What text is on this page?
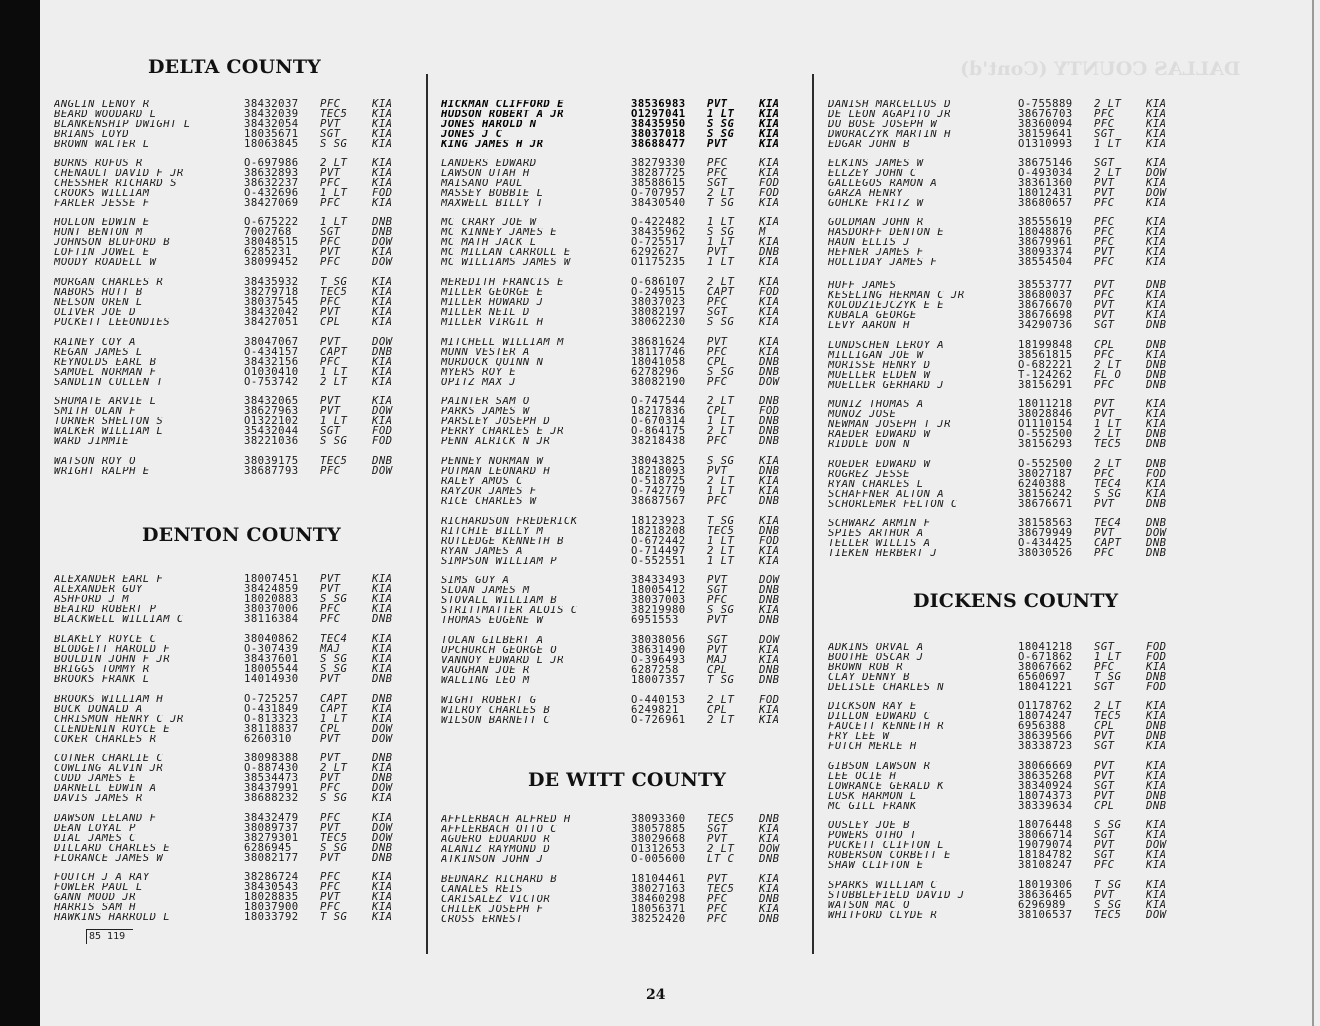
DALLAS COUNTY (Cont'd)
85 119
24
DELTA COUNTY
ANGLIN LENOY R	38432037	PFC	KIA
BEARD WOODARD L	38432039	TEC5	KIA
BLANKENSHIP DWIGHT L	38432054	PVT	KIA
BRIANS LOYD	18035671	SGT	KIA
BROWN WALTER L	18063845	S SG	KIA
BURNS RUFUS R	O-697986	2 LT	KIA
CHENAULT DAVID F JR	38632893	PVT	KIA
CHESSHER RICHARD S	38632237	PFC	KIA
CROOKS WILLIAM	O-432696	1 LT	FOD
FARLER JESSE F	38427069	PFC	KIA
HOLLON EDWIN E	O-675222	1 LT	DNB
HUNT BENTON M	7002768	SGT	DNB
JOHNSON BLUFORD B	38048515	PFC	DOW
LOFTIN JOWEL E	6285231	PVT	KIA
MOODY ROADELL W	38099452	PFC	DOW
MORGAN CHARLES R	38435932	T SG	KIA
NABORS HUTT B	38279718	TEC5	KIA
NELSON OREN L	38037545	PFC	KIA
OLIVER JOE D	38432042	PVT	KIA
PUCKETT LEEONDIES	38427051	CPL	KIA
RAINEY COY A	38047067	PVT	DOW
REGAN JAMES L	O-434157	CAPT	DNB
REYNOLDS EARL B	38432156	PFC	KIA
SAMUEL NORMAN F	O1030410	1 LT	KIA
SANDLIN CULLEN T	O-753742	2 LT	KIA
SHUMATE ARVIE L	38432065	PVT	KIA
SMITH OLAN F	38627963	PVT	DOW
TURNER SHELTON S	O1322102	1 LT	KIA
WALKER WILLIAM L	35432044	SGT	FOD
WARD JIMMIE	38221036	S SG	FOD
WATSON ROY O	38039175	TEC5	DNB
WRIGHT RALPH E	38687793	PFC	DOW
DENTON COUNTY
ALEXANDER EARL F	18007451	PVT	KIA
ALEXANDER GUY	38424859	PVT	KIA
ASHFORD J M	18020883	S SG	KIA
BEAIRD ROBERT P	38037006	PFC	KIA
BLACKWELL WILLIAM C	38116384	PFC	DNB
BLAKELY ROYCE C	38040862	TEC4	KIA
BLODGETT HAROLD F	O-307439	MAJ	KIA
BOULDIN JOHN F JR	38437601	S SG	KIA
BRIGGS TOMMY R	18005544	S SG	KIA
BROOKS FRANK L	14014930	PVT	DNB
BROOKS WILLIAM H	O-725257	CAPT	DNB
BUCK DONALD A	O-431849	CAPT	KIA
CHRISMON HENRY C JR	O-813323	1 LT	KIA
CLENDENIN ROYCE E	38118837	CPL	DOW
COKER CHARLES R	6260310	PVT	DOW
COTNER CHARLIE C	38098388	PVT	DNB
COWLING ALVIN JR	O-887430	2 LT	KIA
CUDD JAMES E	38534473	PVT	DNB
DARNELL EDWIN A	38437991	PFC	DOW
DAVIS JAMES R	38688232	S SG	KIA
DAWSON LELAND F	38432479	PFC	KIA
DEAN LOYAL P	38089737	PVT	DOW
DIAL JAMES C	38279301	TEC5	DOW
DILLARD CHARLES E	6286945	S SG	DNB
FLORANCE JAMES W	38082177	PVT	DNB
FOUTCH J A RAY	38286724	PFC	KIA
FOWLER PAUL L	38430543	PFC	KIA
GANN MOOD JR	18028835	PVT	KIA
HARRIS SAM H	18037900	PFC	KIA
HAWKINS HARROLD L	18033792	T SG	KIA
HICKMAN CLIFFORD E	38536983	PVT	KIA
HUDSON ROBERT A JR	O1297041	1 LT	KIA
JONES HAROLD N	38435950	S SG	KIA
JONES J C	38037018	S SG	KIA
KING JAMES H JR	38688477	PVT	KIA
LANDERS EDWARD	38279330	PFC	KIA
LAWSON UTAH H	38287725	PFC	KIA
MAISANO PAUL	38588615	SGT	FOD
MASSEY BOBBIE L	O-707957	2 LT	FOD
MAXWELL BILLY T	38430540	T SG	KIA
MC CRARY JOE W	O-422482	1 LT	KIA
MC KINNEY JAMES E	38435962	S SG	M
MC MATH JACK L	O-725517	1 LT	KIA
MC MILLAN CARROLL E	6292627	PVT	DNB
MC WILLIAMS JAMES W	O1175235	1 LT	KIA
MEREDITH FRANCIS E	O-686107	2 LT	KIA
MILLER GEORGE E	O-249515	CAPT	FOD
MILLER HOWARD J	38037023	PFC	KIA
MILLER NEIL D	38082197	SGT	KIA
MILLER VIRGIL H	38062230	S SG	KIA
MITCHELL WILLIAM M	38681624	PVT	KIA
MUNN VESTER A	38117746	PFC	KIA
MURDOCK QUINN N	18041058	CPL	DNB
MYERS ROY E	6278296	S SG	DNB
OPITZ MAX J	38082190	PFC	DOW
PAINTER SAM O	O-747544	2 LT	DNB
PARKS JAMES W	18217836	CPL	FOD
PARSLEY JOSEPH D	O-670314	1 LT	DNB
PERRY CHARLES E JR	O-864175	2 LT	DNB
PENN ALRICK N JR	38218438	PFC	DNB
PENNEY NORMAN W	38043825	S SG	KIA
PUTMAN LEONARD H	18218093	PVT	DNB
RALEY AMOS C	O-518725	2 LT	KIA
RAYZOR JAMES F	O-742779	1 LT	KIA
RICE CHARLES W	38687567	PFC	DNB
RICHARDSON FREDERICK	18123923	T SG	KIA
RITCHIE BILLY M	18218208	TEC5	DNB
RUTLEDGE KENNETH B	O-672442	1 LT	FOD
RYAN JAMES A	O-714497	2 LT	KIA
SIMPSON WILLIAM P	O-552551	1 LT	KIA
SIMS GUY A	38433493	PVT	DOW
SLOAN JAMES M	18005412	SGT	DNB
STOVALL WILLIAM B	38037003	PFC	DNB
STRITTMATTER ALOIS C	38219980	S SG	KIA
THOMAS EUGENE W	6951553	PVT	DNB
TOLAN GILBERT A	38038056	SGT	DOW
UPCHURCH GEORGE O	38631490	PVT	KIA
VANNOY EDWARD L JR	O-396493	MAJ	KIA
VAUGHAN JOE R	6287258	CPL	DNB
WALLING LEO M	18007357	T SG	DNB
WIGHT ROBERT G	O-440153	2 LT	FOD
WILROY CHARLES B	6249821	CPL	KIA
WILSON BARNETT C	O-726961	2 LT	KIA
DE WITT COUNTY
AFFLERBACH ALFRED H	38093360	TEC5	DNB
AFFLERBACH OTTO C	38057885	SGT	KIA
AGUERO EDUARDO R	38029668	PVT	KIA
ALANIZ RAYMOND D	O1312653	2 LT	DOW
ATKINSON JOHN J	O-005600	LT C	DNB
BEDNARZ RICHARD B	18104461	PVT	KIA
CANALES REIS	38027163	TEC5	KIA
CARISALEZ VICTOR	38460298	PFC	DNB
CHILEK JOSEPH F	18056371	PFC	KIA
CROSS ERNEST	38252420	PFC	DNB
DANISH MARCELLUS D	O-755889	2 LT	KIA
DE LEON AGAPITO JR	38676703	PFC	KIA
DU BOSE JOSEPH W	38360094	PFC	KIA
DWORACZYK MARTIN H	38159641	SGT	KIA
EDGAR JOHN B	O1310993	1 LT	KIA
ELKINS JAMES W	38675146	SGT	KIA
ELLZEY JOHN C	O-493034	2 LT	DOW
GALLEGOS RAMON A	38361360	PVT	KIA
GARZA HENRY	18012431	PVT	DOW
GOHLKE FRITZ W	38680657	PFC	KIA
GOLDMAN JOHN R	38555619	PFC	KIA
HASDORFF DENTON E	18048876	PFC	KIA
HAUN ELLIS J	38679961	PFC	KIA
HEFNER JAMES F	38093374	PVT	KIA
HOLLIDAY JAMES F	38554504	PFC	KIA
HUFF JAMES	38553777	PVT	DNB
KESELING HERMAN C JR	38680037	PFC	KIA
KOLODZIEJCZYK E E	38676670	PVT	KIA
KUBALA GEORGE	38676698	PVT	KIA
LEVY AARON H	34290736	SGT	DNB
LUNDSCHEN LEROY A	18199848	CPL	DNB
MILLIGAN JOE W	38561815	PFC	KIA
MORISSE HENRY D	O-682221	2 LT	DNB
MUELLER ELDEN W	T-124262	FL O	DNB
MUELLER GERHARD J	38156291	PFC	DNB
MUNIZ THOMAS A	18011218	PVT	KIA
MUNOZ JOSE	38028846	PVT	KIA
NEWMAN JOSEPH T JR	O1110154	1 LT	KIA
RAEDER EDWARD W	O-552500	2 LT	DNB
RIDDLE DON N	38156293	TEC5	DNB
ROEDER EDWARD W	O-552500	2 LT	DNB
ROGREZ JESSE	38027187	PFC	FOD
RYAN CHARLES L	6240388	TEC4	KIA
SCHAFFNER ALTON A	38156242	S SG	KIA
SCHORLEMER FELTON C	38676671	PVT	DNB
SCHWARZ ARMIN F	38158563	TEC4	DNB
SPIES ARTHUR A	38679949	PVT	DOW
TELLER WILLIS A	O-434425	CAPT	DNB
TIEKEN HERBERT J	38030526	PFC	DNB
DICKENS COUNTY
ADKINS ORVAL A	18041218	SGT	FOD
BOOTHE OSCAR J	O-671862	1 LT	FOD
BROWN ROB R	38067662	PFC	KIA
CLAY DENNY B	6560697	T SG	DNB
DELISLE CHARLES N	18041221	SGT	FOD
DICKSON RAY E	O1178762	2 LT	KIA
DILLON EDWARD C	18074247	TEC5	KIA
FAUCETT KENNETH R	6956388	CPL	DNB
FRY LEE W	38639566	PVT	DNB
FUTCH MERLE H	38338723	SGT	KIA
GIBSON LAWSON R	38066669	PVT	KIA
LEE OCIE H	38635268	PVT	KIA
LOWRANCE GERALD K	38340924	SGT	KIA
LUSK HARMON L	18074373	PVT	DNB
MC GILL FRANK	38339634	CPL	DNB
OUSLEY JOE B	18076448	S SG	KIA
POWERS OTHO T	38066714	SGT	KIA
PUCKETT CLIFTON L	19079074	PVT	DOW
ROBERSON CORBETT E	18184782	SGT	KIA
SHAW CLIFTON E	38108247	PFC	KIA
SPARKS WILLIAM C	18019306	T SG	KIA
STUBBLEFIELD DAVID J	38636465	PVT	KIA
WATSON MAC O	6296989	S SG	KIA
WHITFORD CLYDE R	38106537	TEC5	DOW
